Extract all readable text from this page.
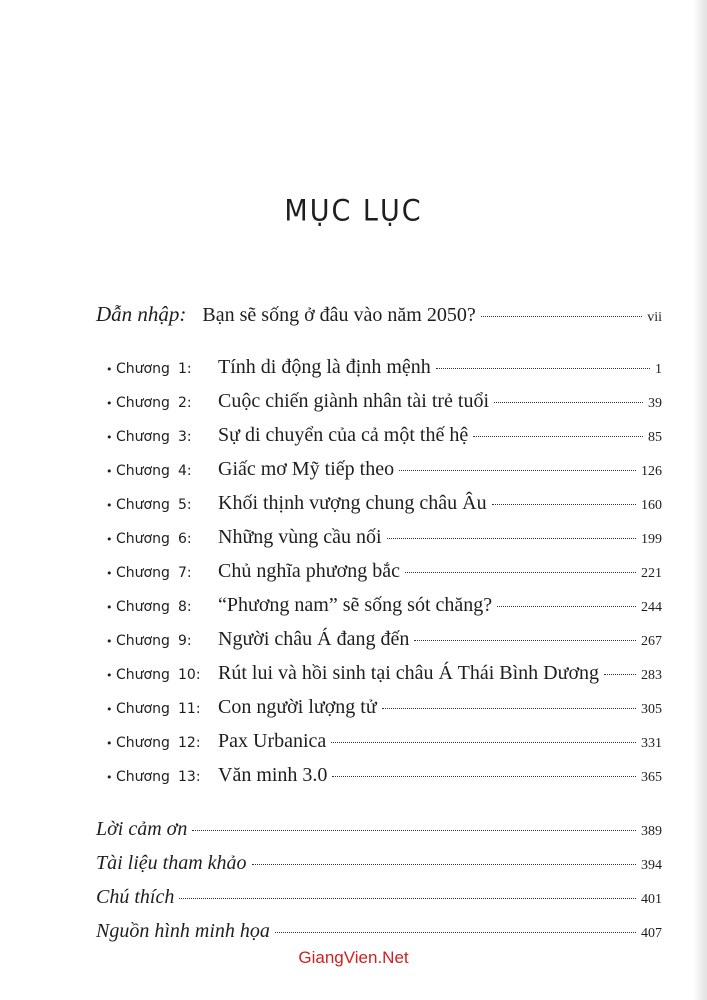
MỤC LỤC
Dẫn nhập: Bạn sẽ sống ở đâu vào năm 2050?	vii
• Chương 1:	Tính di động là định mệnh	1
• Chương 2:	Cuộc chiến giành nhân tài trẻ tuổi	39
• Chương 3:	Sự di chuyển của cả một thế hệ	85
• Chương 4:	Giấc mơ Mỹ tiếp theo	126
• Chương 5:	Khối thịnh vượng chung châu Âu	160
• Chương 6:	Những vùng cầu nối	199
• Chương 7:	Chủ nghĩa phương bắc	221
• Chương 8:	“Phương nam” sẽ sống sót chăng?	244
• Chương 9:	Người châu Á đang đến	267
• Chương 10: Rút lui và hồi sinh tại châu Á Thái Bình Dương	283
• Chương 11: Con người lượng tử	305
• Chương 12: Pax Urbanica	331
• Chương 13: Văn minh 3.0	365
Lời cảm ơn	389
Tài liệu tham khảo	394
Chú thích	401
Nguồn hình minh họa	407
GiangVien.Net
